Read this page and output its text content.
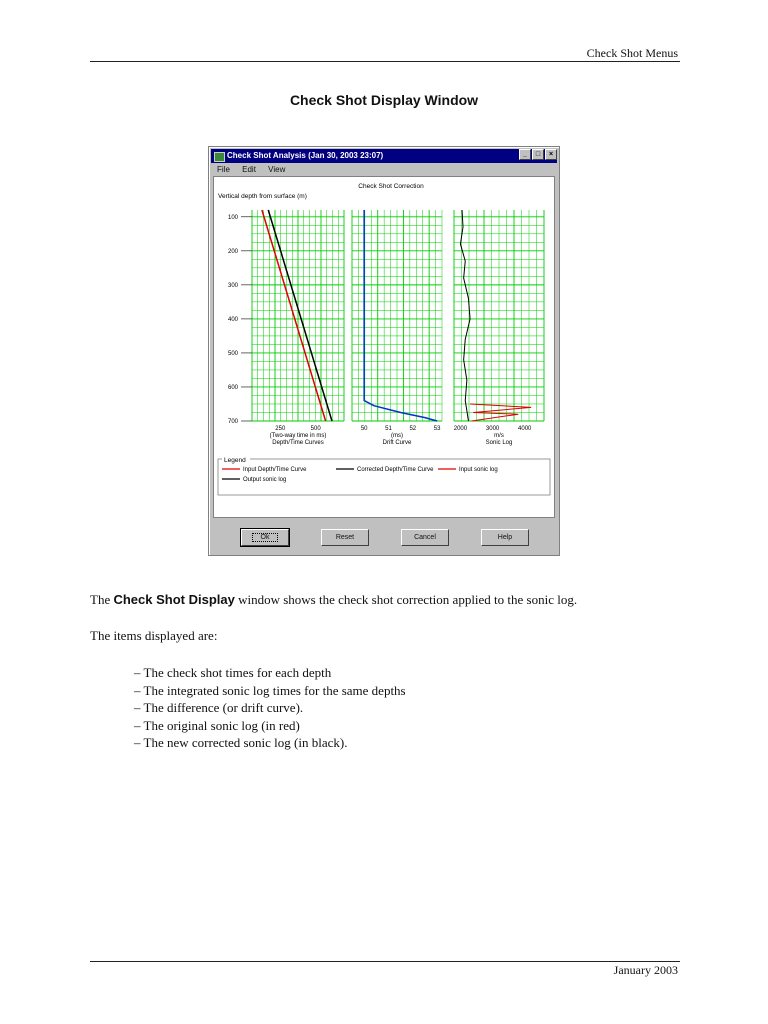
Check Shot Menus
Check Shot Display Window
Check Shot Analysis (Jan 30, 2003 23:07)	_	□	×
File Edit View
Check Shot Correction
Vertical depth from surface (m)
250	500
(Two-way time in ms)
Depth/Time Curves
50	51	52	53
(ms)
Drift Curve
2000	3000	4000
m/s
Sonic Log
100
200
300
400
500
600
700
Legend
Input Depth/Time Curve	Corrected Depth/Time Curve	Input sonic log
Output sonic log
Ok	Reset	Cancel	Help
The Check Shot Display window shows the check shot correction applied to the sonic log.
The items displayed are:
– The check shot times for each depth
– The integrated sonic log times for the same depths
– The difference (or drift curve).
– The original sonic log (in red)
– The new corrected sonic log (in black).
January 2003
